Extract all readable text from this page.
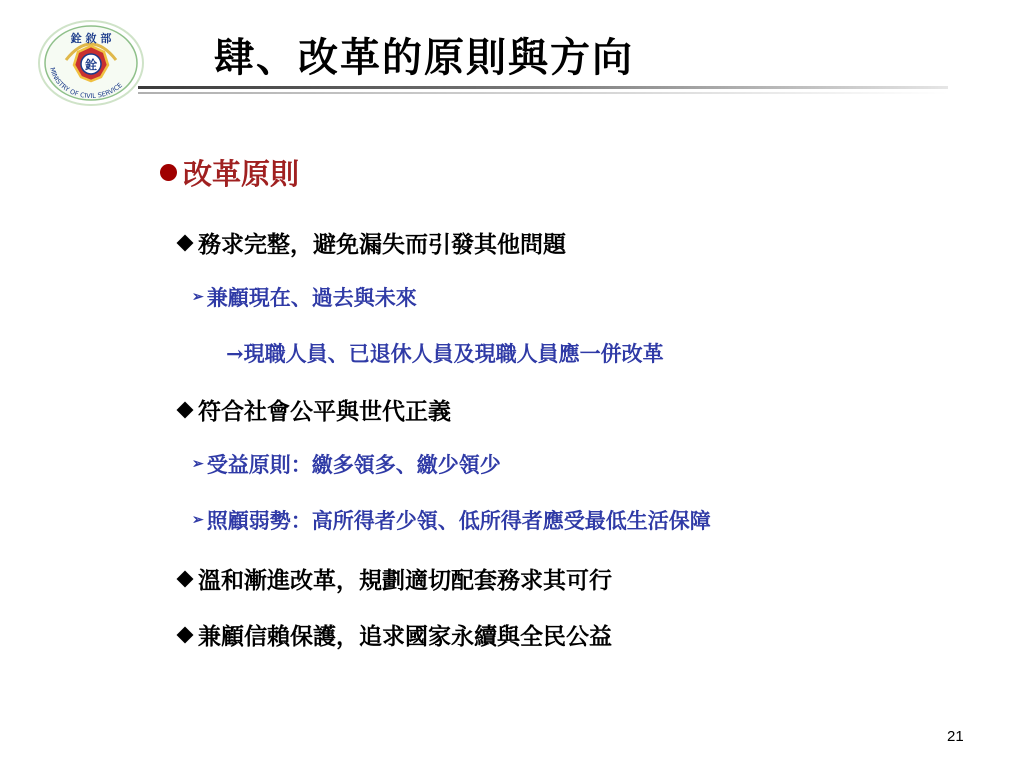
銓 敘 部
銓
MINISTRY OF CIVIL SERVICE
肆、改革的原則與方向
改革原則
務求完整，避免漏失而引發其他問題
➢ 兼顧現在、過去與未來
→現職人員、已退休人員及現職人員應一併改革
符合社會公平與世代正義
➢ 受益原則：繳多領多、繳少領少
➢ 照顧弱勢：高所得者少領、低所得者應受最低生活保障
溫和漸進改革，規劃適切配套務求其可行
兼顧信賴保護，追求國家永續與全民公益
21
